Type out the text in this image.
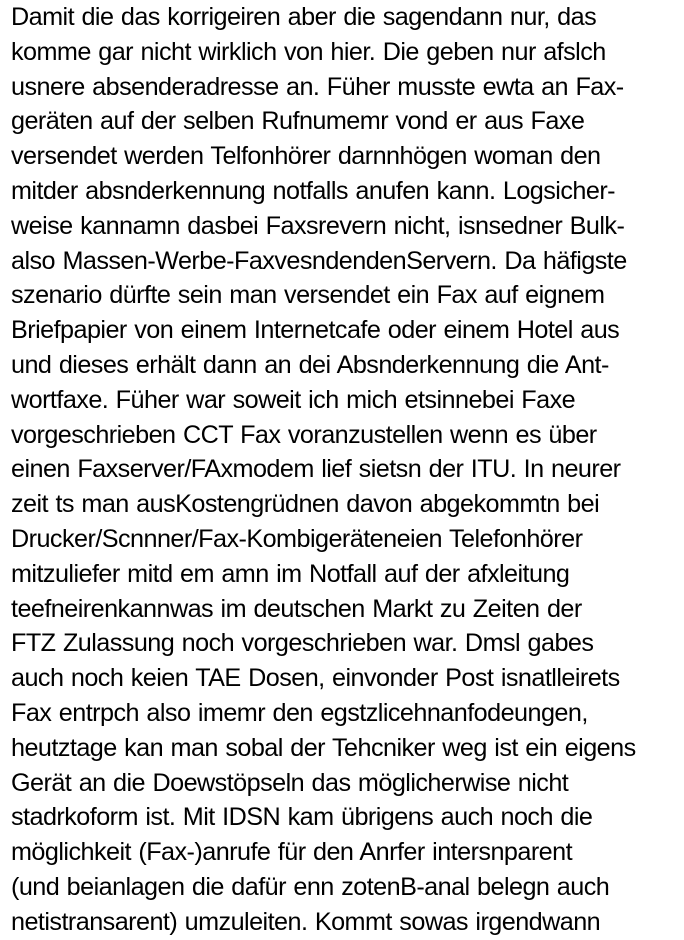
Damit die das korrigeiren aber die sagendann nur, das
komme gar nicht wirklich von hier. Die geben nur afslch
usnere absenderadresse an. Füher musste ewta an Fax-
geräten auf der selben Rufnumemr vond er aus Faxe
versendet werden Telfonhörer darnnhögen woman den
mitder absnderkennung notfalls anufen kann. Logsicher-
weise kannamn dasbei Faxsrevern nicht, isnsedner Bulk-
also Massen-Werbe-FaxvesndendenServern. Da häfigste
szenario dürfte sein man versendet ein Fax auf eignem
Briefpapier von einem Internetcafe oder einem Hotel aus
und dieses erhält dann an dei Absnderkennung die Ant-
wortfaxe. Füher war soweit ich mich etsinnebei Faxe
vorgeschrieben CCT Fax voranzustellen wenn es über
einen Faxserver/FAxmodem lief sietsn der ITU. In neurer
zeit ts man ausKostengrüdnen davon abgekommtn bei
Drucker/Scnnner/Fax-Kombigeräteneien Telefonhörer
mitzuliefer mitd em amn im Notfall auf der afxleitung
teefneirenkannwas im deutschen Markt zu Zeiten der
FTZ Zulassung noch vorgeschrieben war. Dmsl gabes
auch noch keien TAE Dosen, einvonder Post isnatlleirets
Fax entrpch also imemr den egstzlicehnanfodeungen,
heutztage kan man sobal der Tehcniker weg ist ein eigens
Gerät an die Doewstöpseln das möglicherwise nicht
stadrkoform ist. Mit IDSN kam übrigens auch noch die
möglichkeit (Fax-)anrufe für den Anrfer intersnparent
(und beianlagen die dafür enn zotenB-anal belegn auch
netistransarent) umzuleiten. Kommt sowas irgendwann
